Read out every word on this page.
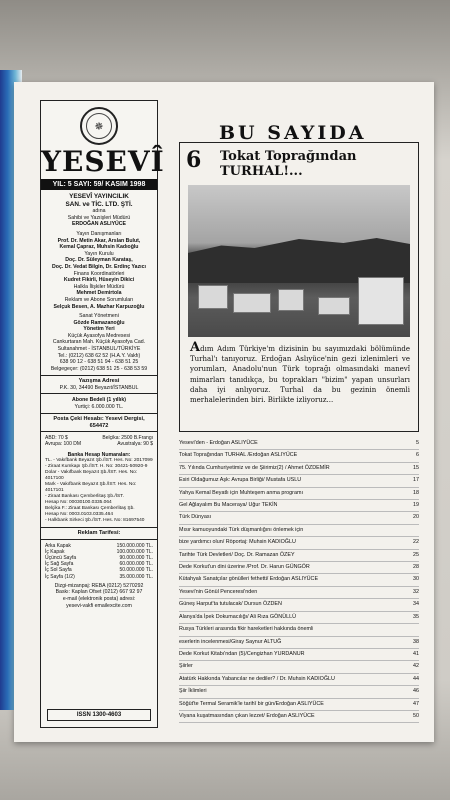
✵
YESEVÎ
YIL: 5 SAYI: 59/ KASIM 1998
YESEVÎ YAYINCILIK
SAN. ve TİC. LTD. ŞTİ.
adına
Sahibi ve Yazıişleri Müdürü
ERDOĞAN ASLIYÜCE
Yayın Danışmanları
Prof. Dr. Metin Akar, Arslan Bulut,
Kemal Çapraz, Muhsin Kadıoğlu
Yayın Kurulu
Doç. Dr. Süleyman Karataş,
Doç. Dr. Vedat Bilgin, Dr. Erdinç Yazıcı
Finans Koordinatörleri
Kudret Fikirli, Hüseyin Dikici
Halkla İlişkiler Müdürü
Mehmet Demirtola
Reklam ve Abone Sorumluları
Selçuk Besen, A. Mazhar Karpuzoğlu
Sanat Yönetmeni
Gözde Ramazanoğlu
Yönetim Yeri
Küçük Ayasofya Medresesi
Cankurtaran Mah. Küçük Ayasofya Cad.
Sultanahmet - İSTANBUL/TÜRKİYE
Tel.: (0212) 638 62 52 (H.A.Y. Vakfı)
638 90 12 - 638 51 94 - 638 51 25
Belgegeçer: (0212) 638 51 25 - 638 53 59
Yazışma Adresi
P.K. 30, 34490 Beyazıt/İSTANBUL
Abone Bedeli (1 yıllık)
Yurtiçi: 6.000.000 TL.
Posta Çeki Hesabı: Yesevi Dergisi, 654472
ABD: 70 $	Belçika: 2500 B.Frangı
Avrupa: 100 DM	Avustralya: 90 $
Banka Hesap Numaraları:
TL. - Vakıfbank Beyazıt Şb./İST. Hes. No: 2017099
- Ziraat Kumkapı Şb./İST. H. No: 30421-50920-9
Dolar - Vakıfbank Beyazıt Şb./İST. Hes. No: 4017100
Mark - Vakıfbank Beyazıt Şb./İST. Hes. No: 4017101
- Ziraat Bankası Çemberlitaş Şb./İST.
Hesap No: 00030100.0335.064
Belçika F.: Ziraat Bankası Çemberlitaş Şb.
Hesap No: 0003.0103.0335.464
- Halkbank Sirkeci Şb./İST. Hes. No: 81697540
Reklam Tarifesi:
Arka Kapak	150.000.000 TL.
İç Kapak	100.000.000 TL.
Üçüncü Sayfa	90.000.000 TL.
İç Sağ Sayfa	60.000.000 TL.
İç Sol Sayfa	50.000.000 TL.
İç Sayfa (1/2)	35.000.000 TL.
Dizgi-mizanpaj: REBA (0212) 5270292
Baskı: Kaplan Ofset (0212) 667 92 97
e-mail (elektronik posta) adresi:
yesevi-vakfi emailexcite.com
ISSN 1300-4603
BU SAYIDA
6 Tokat Toprağından
TURHAL!...
Adım Adım Türkiye'm dizisinin bu sayımızdaki bölümünde Turhal'ı tanıyoruz. Erdoğan Aslıyüce'nin gezi izlenimleri ve yorumları, Anadolu'nun Türk toprağı olmasındaki manevî mimarları tanıdıkça, bu toprakları "bizim" yapan unsurları daha iyi anlıyoruz. Turhal da bu gezinin önemli merhalelerinden biri. Birlikte izliyoruz...
Yesevi'den - Erdoğan ASLIYÜCE	5
Tokat Toprağından TURHAL /Erdoğan ASLIYÜCE	6
75. Yılında Cumhuriyetimiz ve de Şiirimiz(2) / Ahmet ÖZDEMİR	15
Esiri Oldağumuz Aşk: Avrupa Birliği/ Mustafa USLU	17
Yahya Kemal Beyatlı için Muhteşem anma programı	18
Gel Ağlayalım Bu Maceraya/ Uğur TEKİN	19
Türk Dünyası	20
Mısır kamuoyundaki Türk düşmanlığını önlemek için
bize yardımcı olun/ Röportaj: Muhsin KADIOĞLU	22
Tarihte Türk Devletleri/ Doç. Dr. Ramazan ÖZEY	25
Dede Korkut'un dini üzerine /Prof. Dr. Harun GÜNGÖR	28
Kütahyalı Sanatçılar gönülleri fethetti/ Erdoğan ASLIYÜCE	30
Yesevi'nin Gönül Penceresi'nden	32
Güneş Harput'ta tutulacak/ Dursun ÖZDEN	34
Alanya'da İpek Dokumacılığı/ Ali Rıza GÖNÜLLÜ	35
Rusya Türkleri arasında fikir hareketleri hakkında önemli
eserlerin incelenmesi/Giray Saynur ALTUĞ	38
Dede Korkut Kitabı'ndan (5)/Cengizhan YURDANUR	41
Şiirler	42
Atatürk Hakkında Yabancılar ne dediler? / Dr. Muhsin KADIOĞLU	44
Şiir İklimleri	46
Söğüt'te Termal Seramik'le tarihî bir gün/Erdoğan ASLIYÜCE	47
Viyana kuşatmasından çıkan lezzet/ Erdoğan ASLIYÜCE	50
